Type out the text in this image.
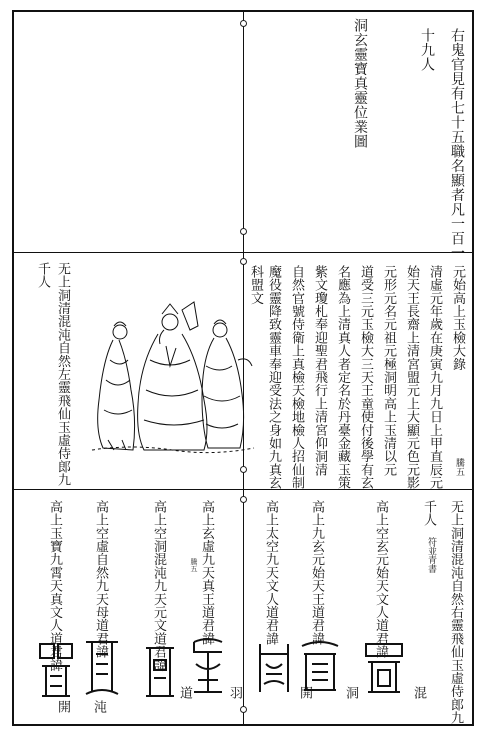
右鬼官見有七十五職名顯者凡一百一
十九人
洞玄靈寶真靈位業圖
元始高上玉檢大錄
騰五
清虛元年歲在庚寅九月九日上甲直辰元
始天王長齋上清宮盟元上大顯元色元影
元形元名元祖元極洞明高上玉清以元
道受三元玉檢大三天王童使付後學有玄
名應為上清真人者定名於丹臺金藏玉策
紫文瓊札奉迎聖君飛行上清宮仰洞清
自然官號侍衛上真檢天檢地檢人招仙制
魔役靈降致靈車奉迎受法之身如九真玄
科盟文
无上洞清混沌自然左靈飛仙玉虛侍郎九
千人
无上洞清混沌自然右靈飛仙玉虛侍郎九
千人
符並青書
高上空玄元始天文人道君諱
混
高上九玄元始天王道君諱
洞
高上太空九天文人道君諱
開
高上玄虛九天真王道君諱
羽
高上空洞混沌九天元文道君諱
道
騰五
高上空虛自然九天母道君諱
沌
高上玉寶九霄天真文人道君諱
開
